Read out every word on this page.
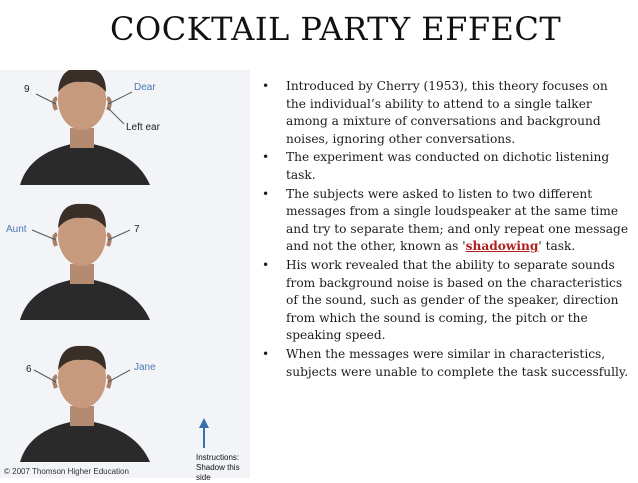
COCKTAIL PARTY EFFECT
9	Dear
Left ear
Aunt	7
6	Jane
Instructions:
Shadow this side
© 2007 Thomson Higher Education
• Introduced by Cherry (1953), this theory focuses on the individual’s ability to attend to a single talker among a mixture of conversations and background noises, ignoring other conversations.
• The experiment was conducted on dichotic listening task.
• The subjects were asked to listen to two different messages from a single loudspeaker at the same time and try to separate them; and only repeat one message and not the other, known as 'shadowing' task.
• His work revealed that the ability to separate sounds from background noise is based on the characteristics of the sound, such as gender of the speaker, direction from which the sound is coming, the pitch or the speaking speed.
• When the messages were similar in characteristics, subjects were unable to complete the task successfully.
